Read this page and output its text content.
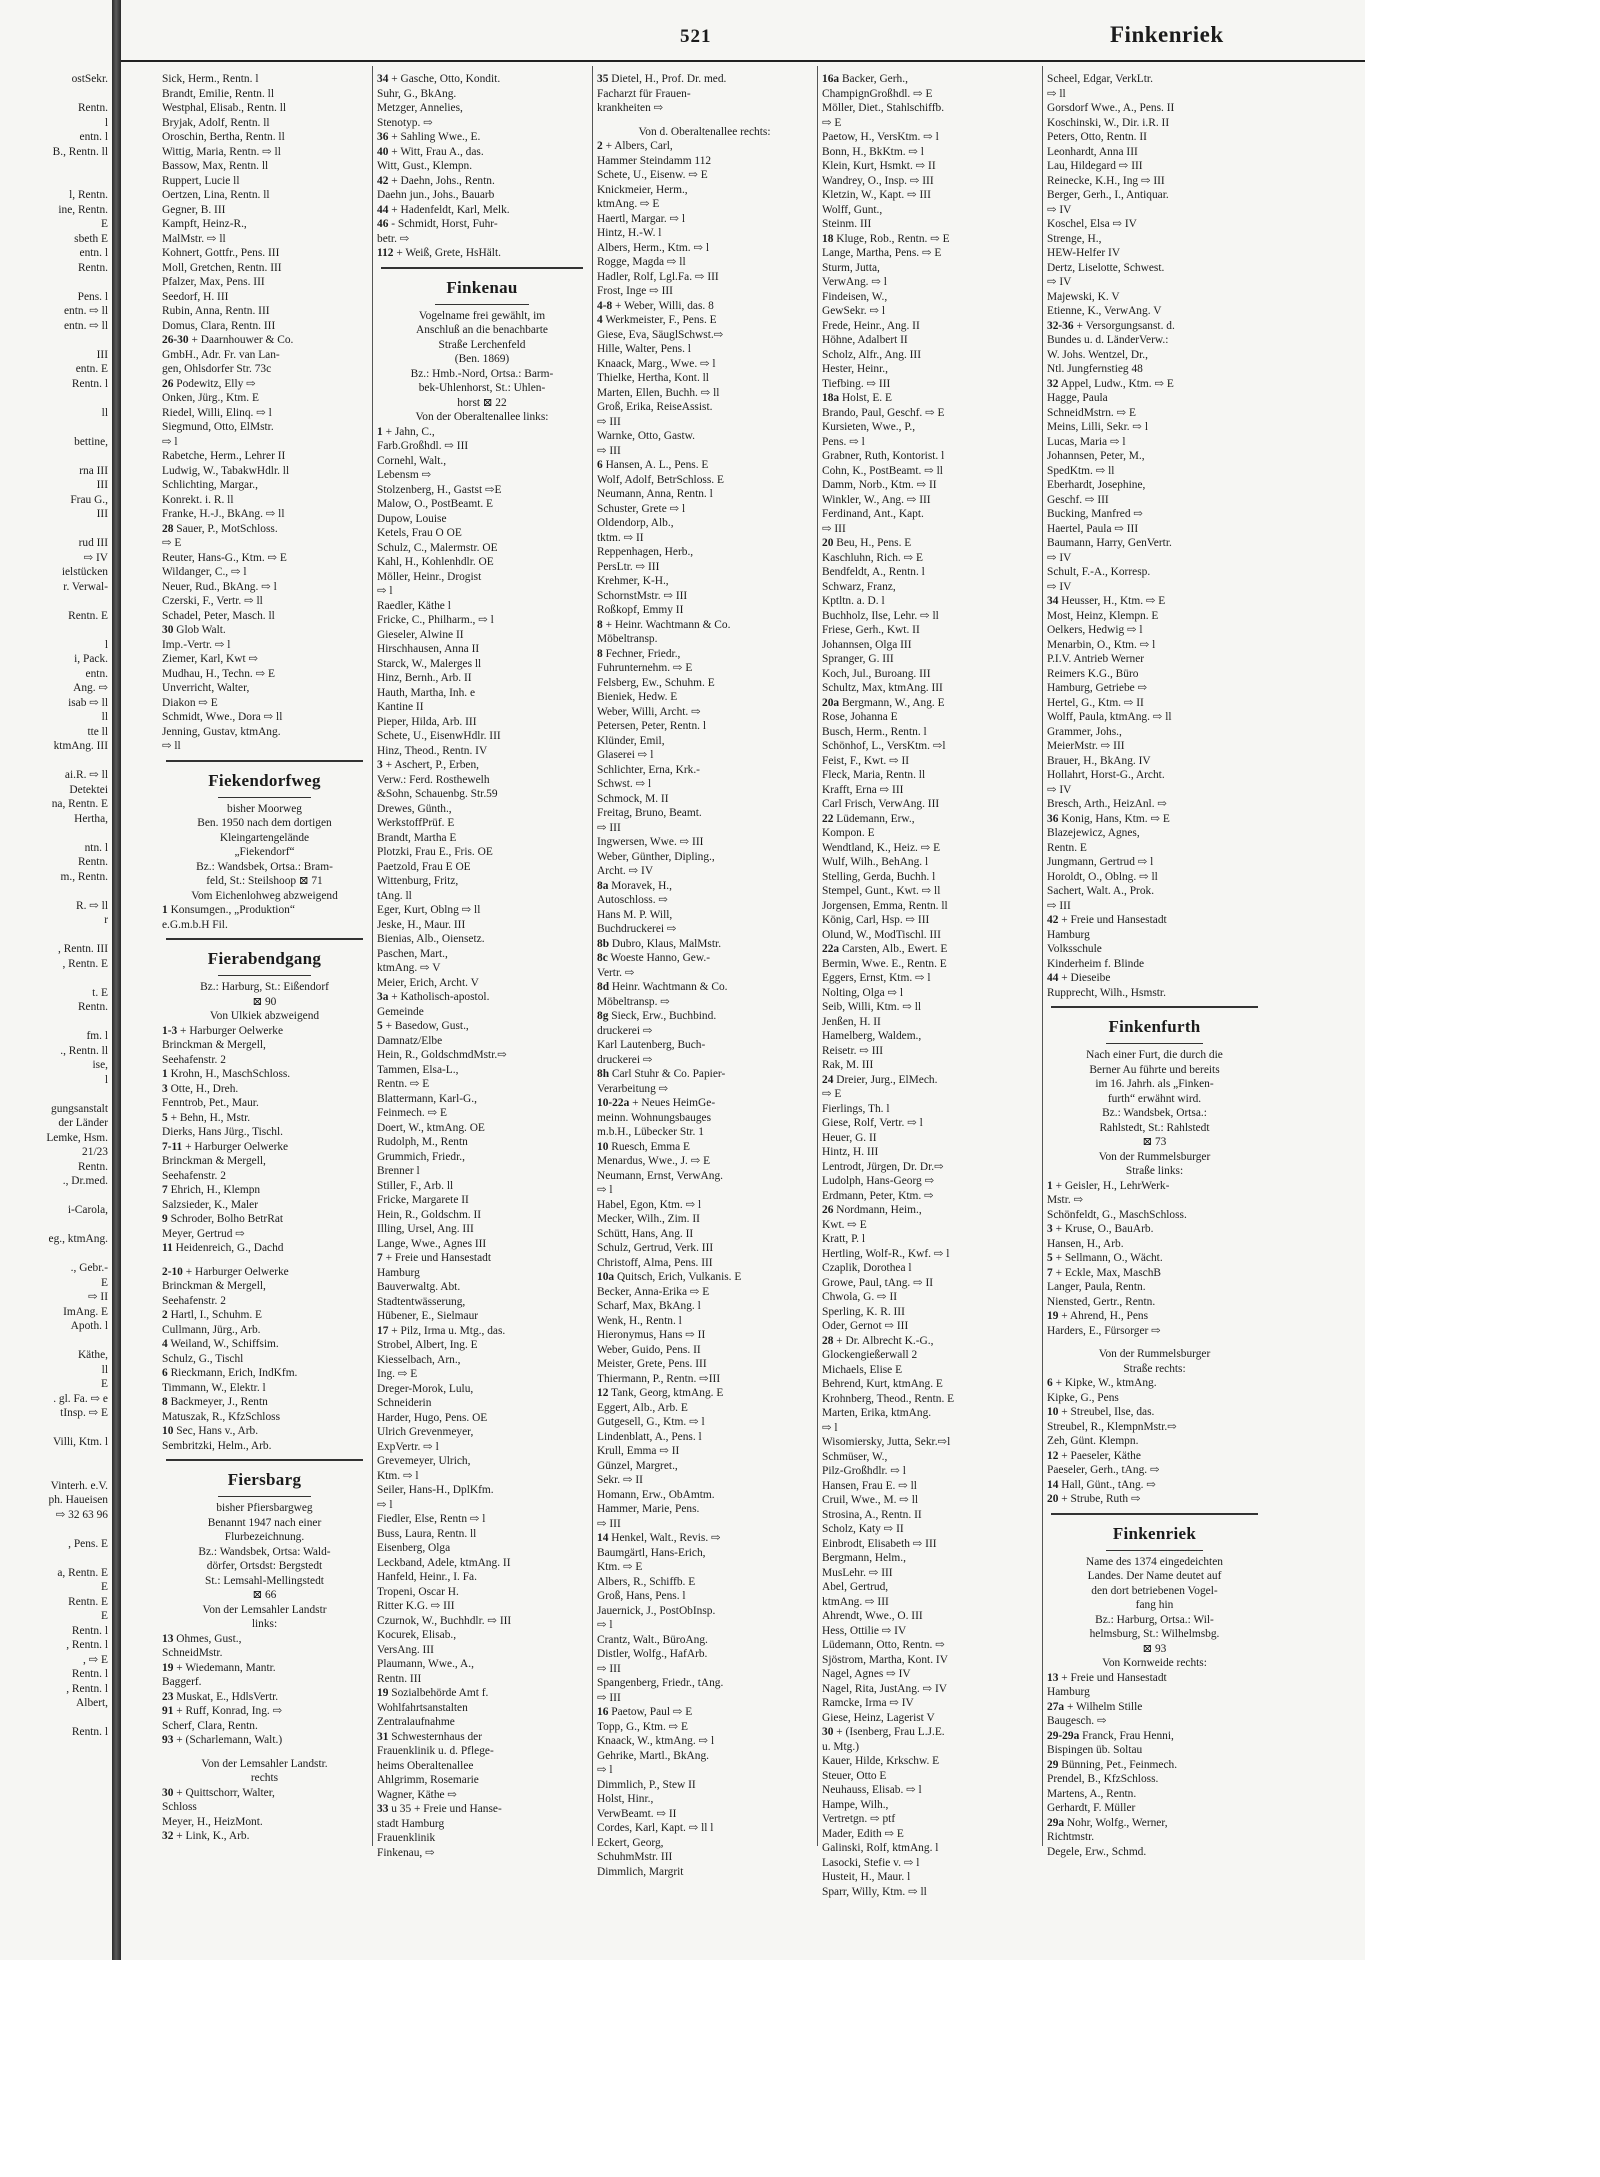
ostSekr.
Rentn.
l
entn. l
B., Rentn. ll
l, Rentn.
ine, Rentn.
E
sbeth E
entn. l
Rentn.
Pens. l
entn. ⇨ ll
entn. ⇨ ll
III
entn. E
Rentn. l
ll
bettine,
rna III
III
Frau G.,
III
rud III
⇨ IV
ielstücken
r. Verwal-
Rentn. E
l
i, Pack.
entn.
Ang. ⇨
isab ⇨ ll
ll
tte ll
ktmAng. III
ai.R. ⇨ ll
Detektei
na, Rentn. E
Hertha,
ntn. l
Rentn.
m., Rentn.
R. ⇨ ll
r
, Rentn. III
, Rentn. E
t. E
Rentn.
fm. l
., Rentn. ll
ise,
l
gungsanstalt
der Länder
Lemke, Hsm.
21/23
Rentn.
., Dr.med.
i-Carola,
eg., ktmAng.
., Gebr.-
E
⇨ II
ImAng. E
Apoth. l
Käthe,
ll
E
. gl. Fa. ⇨ e
tInsp. ⇨ E
Villi, Ktm. l
Vinterh. e.V.
ph. Haueisen
⇨ 32 63 96
, Pens. E
a, Rentn. E
E
Rentn. E
E
Rentn. l
, Rentn. l
, ⇨ E
Rentn. l
, Rentn. l
Albert,
Rentn. l
521	Finkenriek
Sick, Herm., Rentn. l
Brandt, Emilie, Rentn. ll
Westphal, Elisab., Rentn. ll
Bryjak, Adolf, Rentn. ll
Oroschin, Bertha, Rentn. ll
Wittig, Maria, Rentn. ⇨ ll
Bassow, Max, Rentn. ll
Ruppert, Lucie ll
Oertzen, Lina, Rentn. ll
Gegner, B. III
Kampft, Heinz-R.,
MalMstr. ⇨ ll
Kohnert, Gottfr., Pens. III
Moll, Gretchen, Rentn. III
Pfalzer, Max, Pens. III
Seedorf, H. III
Rubin, Anna, Rentn. III
Domus, Clara, Rentn. III
26-30 + Daarnhouwer & Co.
GmbH., Adr. Fr. van Lan-
gen, Ohlsdorfer Str. 73c
26 Podewitz, Elly ⇨
Onken, Jürg., Ktm. E
Riedel, Willi, Elinq. ⇨ l
Siegmund, Otto, ElMstr.
⇨ l
Rabetche, Herm., Lehrer II
Ludwig, W., TabakwHdlr. ll
Schlichting, Margar.,
Konrekt. i. R. ll
Franke, H.-J., BkAng. ⇨ ll
28 Sauer, P., MotSchloss.
⇨ E
Reuter, Hans-G., Ktm. ⇨ E
Wildanger, C., ⇨ l
Neuer, Rud., BkAng. ⇨ l
Czerski, F., Vertr. ⇨ ll
Schadel, Peter, Masch. ll
30 Glob Walt.
Imp.-Vertr. ⇨ l
Ziemer, Karl, Kwt ⇨
Mudhau, H., Techn. ⇨ E
Unverricht, Walter,
Diakon ⇨ E
Schmidt, Wwe., Dora ⇨ ll
Jenning, Gustav, ktmAng.
⇨ ll
Fiekendorfweg
bisher Moorweg
Ben. 1950 nach dem dortigen
Kleingartengelände
„Fiekendorf“
Bz.: Wandsbek, Ortsa.: Bram-
feld, St.: Steilshoop ⊠ 71
Vom Eichenlohweg abzweigend
1 Konsumgen., „Produktion“
e.G.m.b.H Fil.
Fierabendgang
Bz.: Harburg, St.: Eißendorf
⊠ 90
Von Ulkiek abzweigend
1-3 + Harburger Oelwerke
Brinckman & Mergell,
Seehafenstr. 2
1 Krohn, H., MaschSchloss.
3 Otte, H., Dreh.
Fenntrob, Pet., Maur.
5 + Behn, H., Mstr.
Dierks, Hans Jürg., Tischl.
7-11 + Harburger Oelwerke
Brinckman & Mergell,
Seehafenstr. 2
7 Ehrich, H., Klempn
Salzsieder, K., Maler
9 Schroder, Bolho BetrRat
Meyer, Gertrud ⇨
11 Heidenreich, G., Dachd
2-10 + Harburger Oelwerke
Brinckman & Mergell,
Seehafenstr. 2
2 Hartl, I., Schuhm. E
Cullmann, Jürg., Arb.
4 Weiland, W., Schiffsim.
Schulz, G., Tischl
6 Rieckmann, Erich, IndKfm.
Timmann, W., Elektr. l
8 Backmeyer, J., Rentn
Matuszak, R., KfzSchloss
10 Sec, Hans v., Arb.
Sembritzki, Helm., Arb.
Fiersbarg
bisher Pfiersbargweg
Benannt 1947 nach einer
Flurbezeichnung.
Bz.: Wandsbek, Ortsa: Wald-
dörfer, Ortsdst: Bergstedt
St.: Lemsahl-Mellingstedt
⊠ 66
Von der Lemsahler Landstr
links:
13 Ohmes, Gust.,
SchneidMstr.
19 + Wiedemann, Mantr.
Baggerf.
23 Muskat, E., HdlsVertr.
91 + Ruff, Konrad, Ing. ⇨
Scherf, Clara, Rentn.
93 + (Scharlemann, Walt.)
Von der Lemsahler Landstr.
rechts
30 + Quittschorr, Walter,
Schloss
Meyer, H., HeizMont.
32 + Link, K., Arb.
34 + Gasche, Otto, Kondit.
Suhr, G., BkAng.
Metzger, Annelies,
Stenotyp. ⇨
36 + Sahling Wwe., E.
40 + Witt, Frau A., das.
Witt, Gust., Klempn.
42 + Daehn, Johs., Rentn.
Daehn jun., Johs., Bauarb
44 + Hadenfeldt, Karl, Melk.
46 - Schmidt, Horst, Fuhr-
betr. ⇨
112 + Weiß, Grete, HsHält.
Finkenau
Vogelname frei gewählt, im
Anschluß an die benachbarte
Straße Lerchenfeld
(Ben. 1869)
Bz.: Hmb.-Nord, Ortsa.: Barm-
bek-Uhlenhorst, St.: Uhlen-
horst ⊠ 22
Von der Oberaltenallee links:
1 + Jahn, C.,
Farb.Großhdl. ⇨ III
Cornehl, Walt.,
Lebensm ⇨
Stolzenberg, H., Gastst ⇨E
Malow, O., PostBeamt. E
Dupow, Louise
Ketels, Frau O OE
Schulz, C., Malermstr. OE
Kahl, H., Kohlenhdlr. OE
Möller, Heinr., Drogist
⇨ l
Raedler, Käthe l
Fricke, C., Philharm., ⇨ l
Gieseler, Alwine II
Hirschhausen, Anna II
Starck, W., Malerges ll
Hinz, Bernh., Arb. II
Hauth, Martha, Inh. e
Kantine II
Pieper, Hilda, Arb. III
Schete, U., EisenwHdlr. III
Hinz, Theod., Rentn. IV
3 + Aschert, P., Erben,
Verw.: Ferd. Rosthewelh
&Sohn, Schauenbg. Str.59
Drewes, Günth.,
WerkstoffPrüf. E
Brandt, Martha E
Plotzki, Frau E., Fris. OE
Paetzold, Frau E OE
Wittenburg, Fritz,
tAng. ll
Eger, Kurt, Oblng ⇨ ll
Jeske, H., Maur. III
Bienias, Alb., Oiensetz.
Paschen, Mart.,
ktmAng. ⇨ V
Meier, Erich, Archt. V
3a + Katholisch-apostol.
Gemeinde
5 + Basedow, Gust.,
Damnatz/Elbe
Hein, R., GoldschmdMstr.⇨
Tammen, Elsa-L.,
Rentn. ⇨ E
Blattermann, Karl-G.,
Feinmech. ⇨ E
Doert, W., ktmAng. OE
Rudolph, M., Rentn
Grummich, Friedr.,
Brenner l
Stiller, F., Arb. ll
Fricke, Margarete II
Hein, R., Goldschm. II
Illing, Ursel, Ang. III
Lange, Wwe., Agnes III
7 + Freie und Hansestadt
Hamburg
Bauverwaltg. Abt.
Stadtentwässerung,
Hübener, E., Sielmaur
17 + Pilz, Irma u. Mtg., das.
Strobel, Albert, Ing. E
Kiesselbach, Arn.,
Ing. ⇨ E
Dreger-Morok, Lulu,
Schneiderin
Harder, Hugo, Pens. OE
Ulrich Grevenmeyer,
ExpVertr. ⇨ l
Grevemeyer, Ulrich,
Ktm. ⇨ l
Seiler, Hans-H., DplKfm.
⇨ l
Fiedler, Else, Rentn ⇨ l
Buss, Laura, Rentn. ll
Eisenberg, Olga
Leckband, Adele, ktmAng. II
Hanfeld, Heinr., I. Fa.
Tropeni, Oscar H.
Ritter K.G. ⇨ III
Czurnok, W., Buchhdlr. ⇨ III
Kocurek, Elisab.,
VersAng. III
Plaumann, Wwe., A.,
Rentn. III
19 Sozialbehörde Amt f.
Wohlfahrtsanstalten
Zentralaufnahme
31 Schwesternhaus der
Frauenklinik u. d. Pflege-
heims Oberaltenallee
Ahlgrimm, Rosemarie
Wagner, Käthe ⇨
33 u 35 + Freie und Hanse-
stadt Hamburg
Frauenklinik
Finkenau, ⇨
35 Dietel, H., Prof. Dr. med.
Facharzt für Frauen-
krankheiten ⇨
Von d. Oberaltenallee rechts:
2 + Albers, Carl,
Hammer Steindamm 112
Schete, U., Eisenw. ⇨ E
Knickmeier, Herm.,
ktmAng. ⇨ E
Haertl, Margar. ⇨ l
Hintz, H.-W. l
Albers, Herm., Ktm. ⇨ l
Rogge, Magda ⇨ ll
Hadler, Rolf, Lgl.Fa. ⇨ III
Frost, Inge ⇨ III
4-8 + Weber, Willi, das. 8
4 Werkmeister, F., Pens. E
Giese, Eva, SäuglSchwst.⇨
Hille, Walter, Pens. l
Knaack, Marg., Wwe. ⇨ l
Thielke, Hertha, Kont. ll
Marten, Ellen, Buchh. ⇨ ll
Groß, Erika, ReiseAssist.
⇨ III
Warnke, Otto, Gastw.
⇨ III
6 Hansen, A. L., Pens. E
Wolf, Adolf, BetrSchloss. E
Neumann, Anna, Rentn. l
Schuster, Grete ⇨ l
Oldendorp, Alb.,
tktm. ⇨ II
Reppenhagen, Herb.,
PersLtr. ⇨ III
Krehmer, K-H.,
SchornstMstr. ⇨ III
Roßkopf, Emmy II
8 + Heinr. Wachtmann & Co.
Möbeltransp.
8 Fechner, Friedr.,
Fuhrunternehm. ⇨ E
Felsberg, Ew., Schuhm. E
Bieniek, Hedw. E
Weber, Willi, Archt. ⇨
Petersen, Peter, Rentn. l
Klünder, Emil,
Glaserei ⇨ l
Schlichter, Erna, Krk.-
Schwst. ⇨ l
Schmock, M. II
Freitag, Bruno, Beamt.
⇨ III
Ingwersen, Wwe. ⇨ III
Weber, Günther, Dipling.,
Archt. ⇨ IV
8a Moravek, H.,
Autoschloss. ⇨
Hans M. P. Will,
Buchdruckerei ⇨
8b Dubro, Klaus, MalMstr.
8c Woeste Hanno, Gew.-
Vertr. ⇨
8d Heinr. Wachtmann & Co.
Möbeltransp. ⇨
8g Sieck, Erw., Buchbind.
druckerei ⇨
Karl Lautenberg, Buch-
druckerei ⇨
8h Carl Stuhr & Co. Papier-
Verarbeitung ⇨
10-22a + Neues HeimGe-
meinn. Wohnungsbauges
m.b.H., Lübecker Str. 1
10 Ruesch, Emma E
Menardus, Wwe., J. ⇨ E
Neumann, Ernst, VerwAng.
⇨ l
Habel, Egon, Ktm. ⇨ l
Mecker, Wilh., Zim. II
Schütt, Hans, Ang. II
Schulz, Gertrud, Verk. III
Christoff, Alma, Pens. III
10a Quitsch, Erich, Vulkanis. E
Becker, Anna-Erika ⇨ E
Scharf, Max, BkAng. l
Wenk, H., Rentn. l
Hieronymus, Hans ⇨ II
Weber, Guido, Pens. II
Meister, Grete, Pens. III
Thiermann, P., Rentn. ⇨III
12 Tank, Georg, ktmAng. E
Eggert, Alb., Arb. E
Gutgesell, G., Ktm. ⇨ l
Lindenblatt, A., Pens. l
Krull, Emma ⇨ II
Günzel, Margret.,
Sekr. ⇨ II
Homann, Erw., ObAmtm.
Hammer, Marie, Pens.
⇨ III
14 Henkel, Walt., Revis. ⇨
Baumgärtl, Hans-Erich,
Ktm. ⇨ E
Albers, R., Schiffb. E
Groß, Hans, Pens. l
Jauernick, J., PostObInsp.
⇨ l
Crantz, Walt., BüroAng.
Distler, Wolfg., HafArb.
⇨ III
Spangenberg, Friedr., tAng.
⇨ III
16 Paetow, Paul ⇨ E
Topp, G., Ktm. ⇨ E
Knaack, W., ktmAng. ⇨ l
Gehrike, Martl., BkAng.
⇨ l
Dimmlich, P., Stew II
Holst, Hinr.,
VerwBeamt. ⇨ II
Cordes, Karl, Kapt. ⇨ ll l
Eckert, Georg,
SchuhmMstr. III
Dimmlich, Margrit
16a Backer, Gerh.,
ChampignGroßhdl. ⇨ E
Möller, Diet., Stahlschiffb.
⇨ E
Paetow, H., VersKtm. ⇨ l
Bonn, H., BkKtm. ⇨ l
Klein, Kurt, Hsmkt. ⇨ II
Wandrey, O., Insp. ⇨ III
Kletzin, W., Kapt. ⇨ III
Wolff, Gunt.,
Steinm. III
18 Kluge, Rob., Rentn. ⇨ E
Lange, Martha, Pens. ⇨ E
Sturm, Jutta,
VerwAng. ⇨ l
Findeisen, W.,
GewSekr. ⇨ l
Frede, Heinr., Ang. II
Höhne, Adalbert II
Scholz, Alfr., Ang. III
Hester, Heinr.,
Tiefbing. ⇨ III
18a Holst, E. E
Brando, Paul, Geschf. ⇨ E
Kursieten, Wwe., P.,
Pens. ⇨ l
Grabner, Ruth, Kontorist. l
Cohn, K., PostBeamt. ⇨ ll
Damm, Norb., Ktm. ⇨ II
Winkler, W., Ang. ⇨ III
Ferdinand, Ant., Kapt.
⇨ III
20 Beu, H., Pens. E
Kaschluhn, Rich. ⇨ E
Bendfeldt, A., Rentn. l
Schwarz, Franz,
Kptltn. a. D. l
Buchholz, Ilse, Lehr. ⇨ ll
Friese, Gerh., Kwt. II
Johannsen, Olga III
Spranger, G. III
Koch, Jul., Buroang. III
Schultz, Max, ktmAng. III
20a Bergmann, W., Ang. E
Rose, Johanna E
Busch, Herm., Rentn. l
Schönhof, L., VersKtm. ⇨l
Feist, F., Kwt. ⇨ II
Fleck, Maria, Rentn. ll
Krafft, Erna ⇨ III
Carl Frisch, VerwAng. III
22 Lüdemann, Erw.,
Kompon. E
Wendtland, K., Heiz. ⇨ E
Wulf, Wilh., BehAng. l
Stelling, Gerda, Buchh. l
Stempel, Gunt., Kwt. ⇨ ll
Jorgensen, Emma, Rentn. ll
König, Carl, Hsp. ⇨ III
Olund, W., ModTischl. III
22a Carsten, Alb., Ewert. E
Bermin, Wwe. E., Rentn. E
Eggers, Ernst, Ktm. ⇨ l
Nolting, Olga ⇨ l
Seib, Willi, Ktm. ⇨ ll
Jenßen, H. II
Hamelberg, Waldem.,
Reisetr. ⇨ III
Rak, M. III
24 Dreier, Jurg., ElMech.
⇨ E
Fierlings, Th. l
Giese, Rolf, Vertr. ⇨ l
Heuer, G. II
Hintz, H. III
Lentrodt, Jürgen, Dr. Dr.⇨
Ludolph, Hans-Georg ⇨
Erdmann, Peter, Ktm. ⇨
26 Nordmann, Heim.,
Kwt. ⇨ E
Kratt, P. l
Hertling, Wolf-R., Kwf. ⇨ l
Czaplik, Dorothea l
Growe, Paul, tAng. ⇨ II
Chwola, G. ⇨ II
Sperling, K. R. III
Oder, Gernot ⇨ III
28 + Dr. Albrecht K.-G.,
Glockengießerwall 2
Michaels, Elise E
Behrend, Kurt, ktmAng. E
Krohnberg, Theod., Rentn. E
Marten, Erika, ktmAng.
⇨ l
Wisomiersky, Jutta, Sekr.⇨l
Schmüser, W.,
Pilz-Großhdlr. ⇨ l
Hansen, Frau E. ⇨ ll
Cruil, Wwe., M. ⇨ ll
Strosina, A., Rentn. II
Scholz, Katy ⇨ II
Einbrodt, Elisabeth ⇨ III
Bergmann, Helm.,
MusLehr. ⇨ III
Abel, Gertrud,
ktmAng. ⇨ III
Ahrendt, Wwe., O. III
Hess, Ottilie ⇨ IV
Lüdemann, Otto, Rentn. ⇨
Sjöstrom, Martha, Kont. IV
Nagel, Agnes ⇨ IV
Nagel, Rita, JustAng. ⇨ IV
Ramcke, Irma ⇨ IV
Giese, Heinz, Lagerist V
30 + (Isenberg, Frau L.J.E.
u. Mtg.)
Kauer, Hilde, Krkschw. E
Steuer, Otto E
Neuhauss, Elisab. ⇨ l
Hampe, Wilh.,
Vertretgn. ⇨ ptf
Mader, Edith ⇨ E
Galinski, Rolf, ktmAng. l
Lasocki, Stefie v. ⇨ l
Husteit, H., Maur. l
Sparr, Willy, Ktm. ⇨ ll
Scheel, Edgar, VerkLtr.
⇨ ll
Gorsdorf Wwe., A., Pens. II
Koschinski, W., Dir. i.R. II
Peters, Otto, Rentn. II
Leonhardt, Anna III
Lau, Hildegard ⇨ III
Reinecke, K.H., Ing ⇨ III
Berger, Gerh., I., Antiquar.
⇨ IV
Koschel, Elsa ⇨ IV
Strenge, H.,
HEW-Helfer IV
Dertz, Liselotte, Schwest.
⇨ IV
Majewski, K. V
Etienne, K., VerwAng. V
32-36 + Versorgungsanst. d.
Bundes u. d. LänderVerw.:
W. Johs. Wentzel, Dr.,
Ntl. Jungfernstieg 48
32 Appel, Ludw., Ktm. ⇨ E
Hagge, Paula
SchneidMstrn. ⇨ E
Meins, Lilli, Sekr. ⇨ l
Lucas, Maria ⇨ l
Johannsen, Peter, M.,
SpedKtm. ⇨ ll
Eberhardt, Josephine,
Geschf. ⇨ III
Bucking, Manfred ⇨
Haertel, Paula ⇨ III
Baumann, Harry, GenVertr.
⇨ IV
Schult, F.-A., Korresp.
⇨ IV
34 Heusser, H., Ktm. ⇨ E
Most, Heinz, Klempn. E
Oelkers, Hedwig ⇨ l
Menarbin, O., Ktm. ⇨ l
P.I.V. Antrieb Werner
Reimers K.G., Büro
Hamburg, Getriebe ⇨
Hertel, G., Ktm. ⇨ II
Wolff, Paula, ktmAng. ⇨ ll
Grammer, Johs.,
MeierMstr. ⇨ III
Brauer, H., BkAng. IV
Hollahrt, Horst-G., Archt.
⇨ IV
Bresch, Arth., HeizAnl. ⇨
36 Konig, Hans, Ktm. ⇨ E
Blazejewicz, Agnes,
Rentn. E
Jungmann, Gertrud ⇨ l
Horoldt, O., Oblng. ⇨ ll
Sachert, Walt. A., Prok.
⇨ III
42 + Freie und Hansestadt
Hamburg
Volksschule
Kinderheim f. Blinde
44 + Dieseibe
Rupprecht, Wilh., Hsmstr.
Finkenfurth
Nach einer Furt, die durch die
Berner Au führte und bereits
im 16. Jahrh. als „Finken-
furth“ erwähnt wird.
Bz.: Wandsbek, Ortsa.:
Rahlstedt, St.: Rahlstedt
⊠ 73
Von der Rummelsburger
Straße links:
1 + Geisler, H., LehrWerk-
Mstr. ⇨
Schönfeldt, G., MaschSchloss.
3 + Kruse, O., BauArb.
Hansen, H., Arb.
5 + Sellmann, O., Wächt.
7 + Eckle, Max, MaschB
Langer, Paula, Rentn.
Niensted, Gertr., Rentn.
19 + Ahrend, H., Pens
Harders, E., Fürsorger ⇨
Von der Rummelsburger
Straße rechts:
6 + Kipke, W., ktmAng.
Kipke, G., Pens
10 + Streubel, Ilse, das.
Streubel, R., KlempnMstr.⇨
Zeh, Günt. Klempn.
12 + Paeseler, Käthe
Paeseler, Gerh., tAng. ⇨
14 Hall, Günt., tAng. ⇨
20 + Strube, Ruth ⇨
Finkenriek
Name des 1374 eingedeichten
Landes. Der Name deutet auf
den dort betriebenen Vogel-
fang hin
Bz.: Harburg, Ortsa.: Wil-
helmsburg, St.: Wilhelmsbg.
⊠ 93
Von Kornweide rechts:
13 + Freie und Hansestadt
Hamburg
27a + Wilhelm Stille
Baugesch. ⇨
29-29a Franck, Frau Henni,
Bispingen üb. Soltau
29 Bünning, Pet., Feinmech.
Prendel, B., KfzSchloss.
Martens, A., Rentn.
Gerhardt, F. Müller
29a Nohr, Wolfg., Werner,
Richtmstr.
Degele, Erw., Schmd.
